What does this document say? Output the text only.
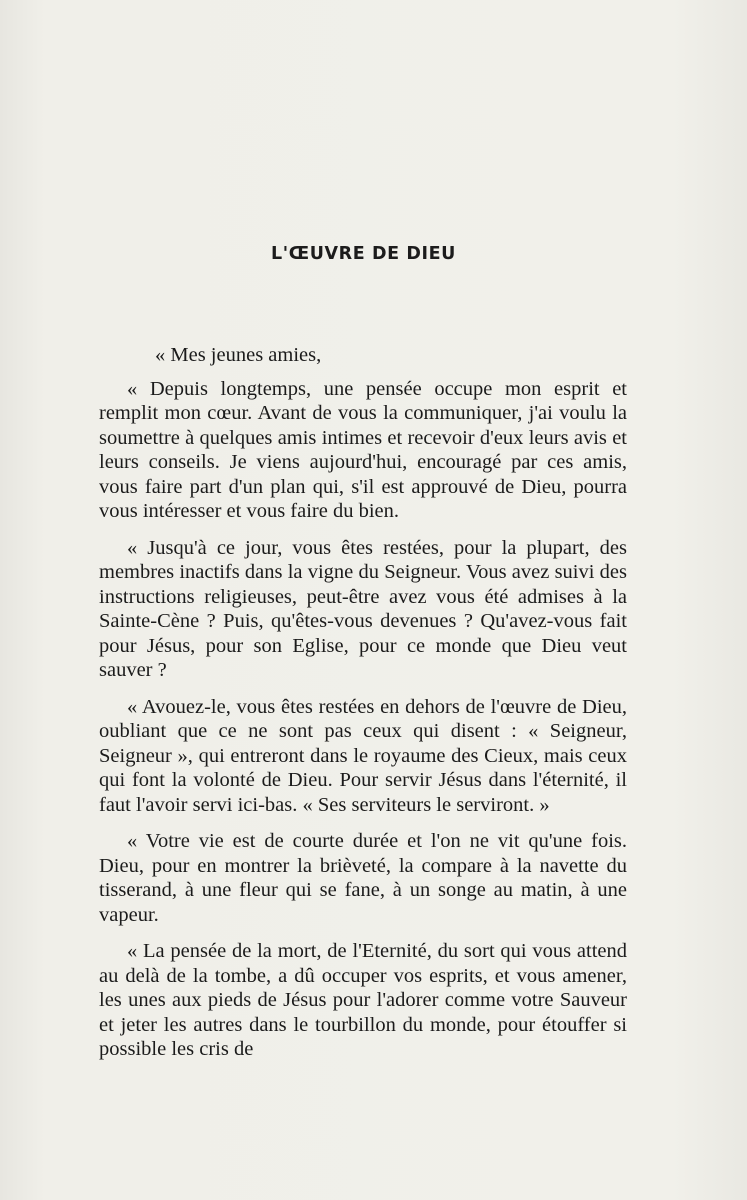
L'ŒUVRE DE DIEU

« Mes jeunes amies,

« Depuis longtemps, une pensée occupe mon esprit et remplit mon cœur. Avant de vous la communiquer, j'ai voulu la soumettre à quelques amis intimes et recevoir d'eux leurs avis et leurs conseils. Je viens aujourd'hui, encouragé par ces amis, vous faire part d'un plan qui, s'il est approuvé de Dieu, pourra vous intéresser et vous faire du bien.

« Jusqu'à ce jour, vous êtes restées, pour la plupart, des membres inactifs dans la vigne du Seigneur. Vous avez suivi des instructions religieuses, peut-être avez vous été admises à la Sainte-Cène ? Puis, qu'êtes-vous devenues ? Qu'avez-vous fait pour Jésus, pour son Eglise, pour ce monde que Dieu veut sauver ?

« Avouez-le, vous êtes restées en dehors de l'œuvre de Dieu, oubliant que ce ne sont pas ceux qui disent : « Seigneur, Seigneur », qui entreront dans le royaume des Cieux, mais ceux qui font la volonté de Dieu. Pour servir Jésus dans l'éternité, il faut l'avoir servi ici-bas. « Ses serviteurs le serviront. »

« Votre vie est de courte durée et l'on ne vit qu'une fois. Dieu, pour en montrer la brièveté, la compare à la navette du tisserand, à une fleur qui se fane, à un songe au matin, à une vapeur.

« La pensée de la mort, de l'Eternité, du sort qui vous attend au delà de la tombe, a dû occuper vos esprits, et vous amener, les unes aux pieds de Jésus pour l'adorer comme votre Sauveur et jeter les autres dans le tourbillon du monde, pour étouffer si possible les cris de
